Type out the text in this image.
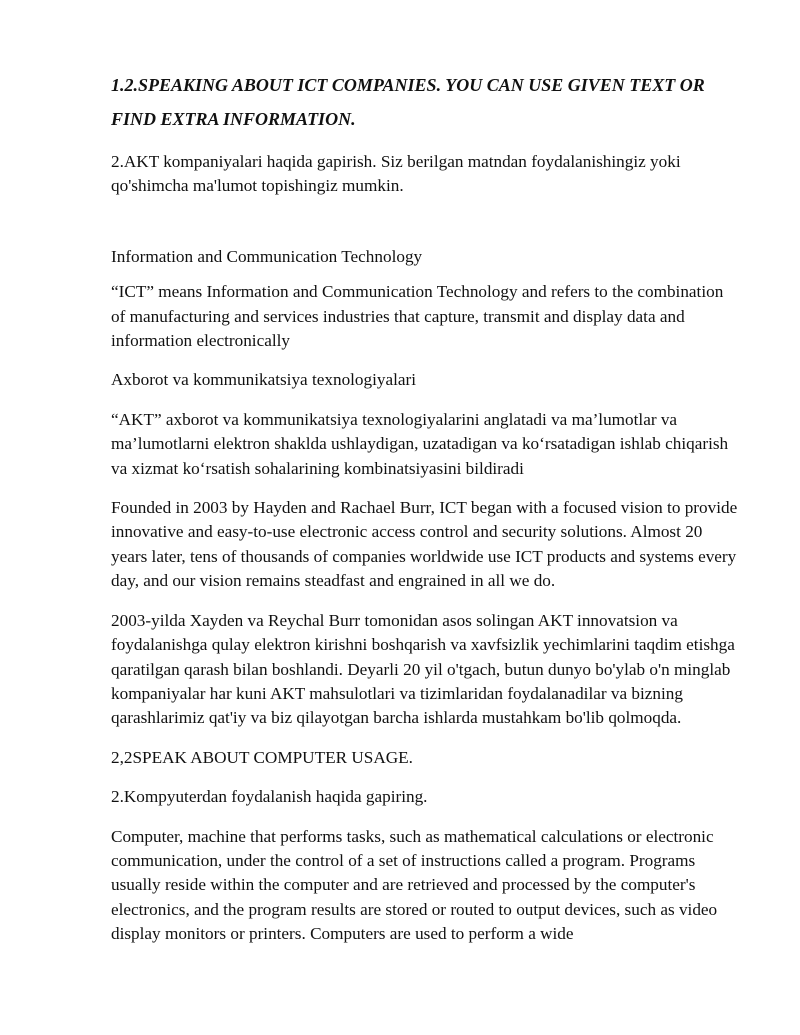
1.2.SPEAKING ABOUT ICT COMPANIES. YOU CAN USE GIVEN TEXT OR FIND EXTRA INFORMATION.

2.AKT kompaniyalari haqida gapirish. Siz berilgan matndan foydalanishingiz yoki qo'shimcha ma'lumot topishingiz mumkin.

Information and Communication Technology

“ICT” means Information and Communication Technology and refers to the combination of manufacturing and services industries that capture, transmit and display data and information electronically

Axborot va kommunikatsiya texnologiyalari

“AKT” axborot va kommunikatsiya texnologiyalarini anglatadi va ma’lumotlar va ma’lumotlarni elektron shaklda ushlaydigan, uzatadigan va koʻrsatadigan ishlab chiqarish va xizmat koʻrsatish sohalarining kombinatsiyasini bildiradi

Founded in 2003 by Hayden and Rachael Burr, ICT began with a focused vision to provide innovative and easy-to-use electronic access control and security solutions. Almost 20 years later, tens of thousands of companies worldwide use ICT products and systems every day, and our vision remains steadfast and engrained in all we do.

2003-yilda Xayden va Reychal Burr tomonidan asos solingan AKT innovatsion va foydalanishga qulay elektron kirishni boshqarish va xavfsizlik yechimlarini taqdim etishga qaratilgan qarash bilan boshlandi. Deyarli 20 yil o'tgach, butun dunyo bo'ylab o'n minglab kompaniyalar har kuni AKT mahsulotlari va tizimlaridan foydalanadilar va bizning qarashlarimiz qat'iy va biz qilayotgan barcha ishlarda mustahkam bo'lib qolmoqda.

2,2SPEAK ABOUT COMPUTER USAGE.

2.Kompyuterdan foydalanish haqida gapiring.

Computer, machine that performs tasks, such as mathematical calculations or electronic communication, under the control of a set of instructions called a program. Programs usually reside within the computer and are retrieved and processed by the computer's electronics, and the program results are stored or routed to output devices, such as video display monitors or printers. Computers are used to perform a wide
